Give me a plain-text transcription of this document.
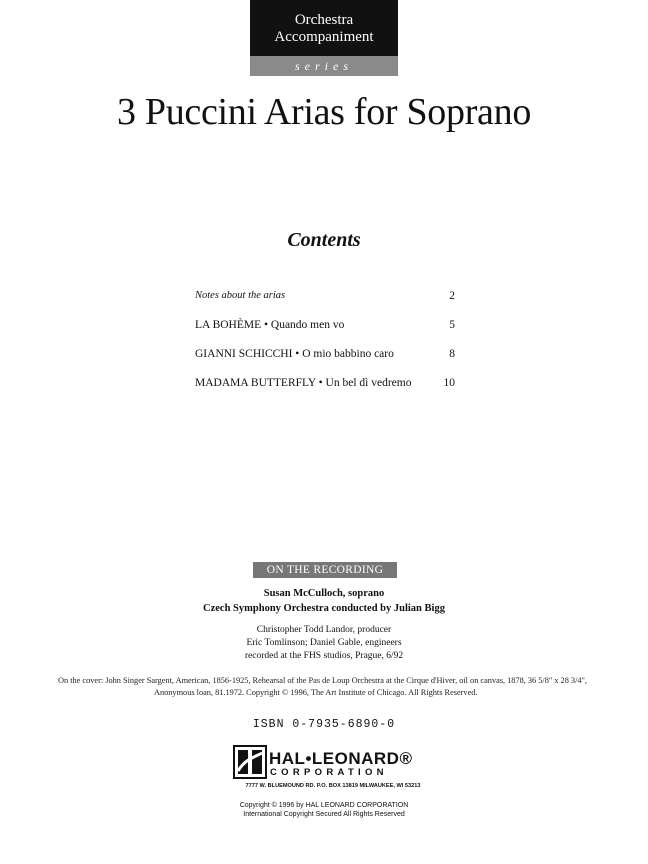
Orchestra
Accompaniment
series
3 Puccini Arias for Soprano
Contents
Notes about the arias	2
LA BOHÈME • Quando men vo	5
GIANNI SCHICCHI • O mio babbino caro	8
MADAMA BUTTERFLY • Un bel dì vedremo	10
ON THE RECORDING
Susan McCulloch, soprano
Czech Symphony Orchestra conducted by Julian Bigg
Christopher Todd Landor, producer
Eric Tomlinson; Daniel Gable, engineers
recorded at the FHS studios, Prague, 6/92
On the cover: John Singer Sargent, American, 1856-1925, Rehearsal of the Pas de Loup Orchestra at the Cirque d'Hiver, oil on canvas, 1878, 36 5/8" x 28 3/4",
Anonymous loan, 81.1972. Copyright © 1996, The Art Institute of Chicago. All Rights Reserved.
ISBN 0-7935-6890-0
HAL•LEONARD®
CORPORATION
7777 W. BLUEMOUND RD. P.O. BOX 13819 MILWAUKEE, WI 53213
Copyright © 1996 by HAL LEONARD CORPORATION
International Copyright Secured All Rights Reserved
